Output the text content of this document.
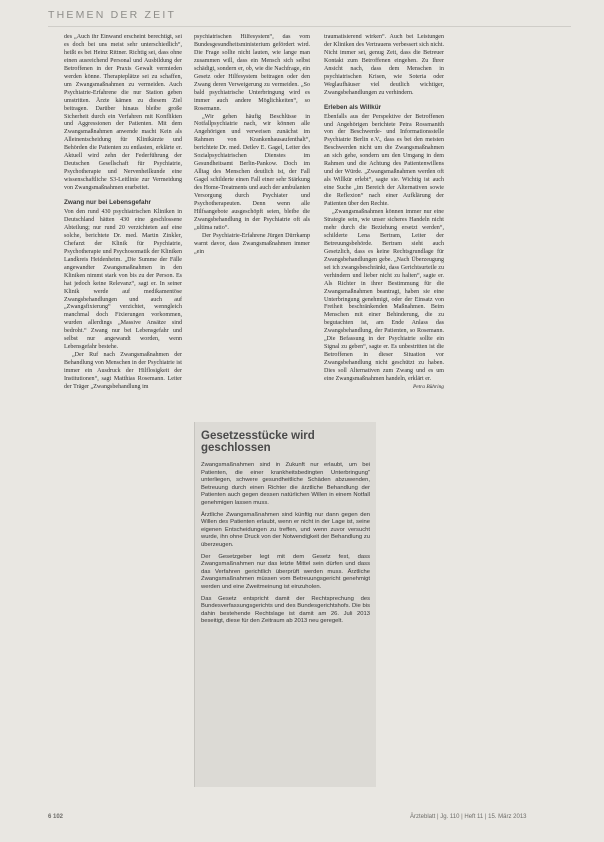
THEMEN DER ZEIT

des „Auch ihr Einwand erscheint berechtigt, sei es doch bei uns meist sehr unterschiedlich“, heißt es bei Heinz Rittner. Richtig sei, dass ohne einen ausreichend Personal und Ausbildung der Betroffenen in der Praxis Gewalt vermieden werden könne. Therapieplätze sei zu schaffen, um Zwangsmaßnahmen zu vermeiden. Auch Psychiatrie-Erfahrene die nur Station geben umstritten. Ärzte kämen zu diesem Ziel beitragen. Darüber hinaus bleibe große Sicherheit durch ein Verfahren mit Konflikten und Aggressionen der Patienten. Mit dem Zwangsmaßnahmen anwende macht Kein als Alleinentscheidung für Klinikärzte und Behörden die Patienten zu entlasten, erklärte er. Aktuell wird zehn der Federführung der Deutschen Gesellschaft für Psychiatrie, Psychotherapie und Nervenheilkunde eine wissenschaftliche S3-Leitlinie zur Vermeidung von Zwangsmaßnahmen erarbeitet.

Zwang nur bei Lebensgefahr

Von den rund 430 psychiatrischen Kliniken in Deutschland hätten 430 eine geschlossene Abteilung; nur rund 20 verzichteten auf eine solche, berichtete Dr. med. Martin Zinkler, Chefarzt der Klinik für Psychiatrie, Psychotherapie und Psychosomatik der Kliniken Landkreis Heidenheim. „Die Summe der Fälle angewandter Zwangsmaßnahmen in den Kliniken nimmt stark von bis zu der Person. Es hat jedoch keine Relevanz“, sagt er. In seiner Klinik werde auf medikamentöse Zwangsbehandlungen und auch auf „Zwangsfixierung“ verzichtet, wenngleich manchmal doch Fixierungen vorkommen, wurden allerdings „Massive Ansätze sind bedroht.“ Zwang nur bei Lebensgefahr und selbst nur angewandt worden, wenn Lebensgefahr bestehe.

„Der Ruf nach Zwangsmaßnahmen der Behandlung von Menschen in der Psychiatrie ist immer ein Ausdruck der Hilflosigkeit der Institutionen“, sagt Matthias Rosemann. Leiter der Träger „Zwangsbehandlung im

psychiatrischen Hilfesystem“, das vom Bundesgesundheitsministerium gefördert wird. Die Frage sollte nicht lauten, wie lange man zusammen will, dass ein Mensch sich selbst schädigt, sondern er, ob, wie die Nachfrage, ein Gesetz oder Hilfesystem beitragen oder den Zwang deren Verweigerung zu vermeiden. „So bald psychiatrische Unterbringung wird es immer auch andere Möglichkeiten“, so Rosemann.

„Wir gehen häufig Beschlüsse in Notfallpsychiatrie nach, wir können alle Angehörigen und verweisen zunächst im Rahmen von Krankenhausaufenthalt“, berichtete Dr. med. Detlev E. Gagel, Leiter des Sozialpsychiatrischen Dienstes im Gesundheitsamt Berlin-Pankow. Doch im Alltag des Menschen deutlich ist, der Fall Gagel schilderte einen Fall einer sehr Stärkung des Home-Treatments und auch der ambulanten Versorgung durch Psychiater und Psychotherapeuten. Denn wenn alle Hilfsangebote ausgeschöpft seien, bleibe die Zwangsbehandlung in der Psychiatrie oft als „ultima ratio“.

Der Psychiatrie-Erfahrene Jürgen Dürrkamp warnt davor, dass Zwangsmaßnahmen immer „ein

traumatisierend wirken“. Auch bei Leistungen der Kliniken des Vertrauens verbessert sich nicht. Nicht immer sei, genug Zeit, dass die Betreuer Kontakt zum Betroffenen eingehen. Zu Ihrer Ansicht nach, dass dem Menschen in psychiatrischen Krisen, wie Soteria oder Weglaufhäuser viel deutlich wichtiger, Zwangsbehandlungen zu verhindern.

Erleben als Willkür

Ebenfalls aus der Perspektive der Betroffenen und Angehörigen berichtete Petra Rossmanith von der Beschwerde- und Informationsstelle Psychiatrie Berlin e.V., dass es bei den meisten Beschwerden nicht um die Zwangsmaßnahmen an sich gehe, sondern um den Umgang in dem Rahmen und die Achtung des Patientenwillens und der Würde. „Zwangsmaßnahmen werden oft als Willkür erlebt“, sagte sie. Wichtig ist auch eine Suche „im Bereich der Alternativen sowie die Reflexion“ nach einer Aufklärung der Patienten über den Rechte.

„Zwangsmaßnahmen können immer nur eine Strategie sein, wie unser sicheres Handeln nicht mehr durch die Beziehung ersetzt werden“, schilderte Lena Bertram, Leiter der Betreuungsbehörde. Bertram sieht auch Gesetzlich, dass es keine Rechtsgrundlage für Zwangsbehandlungen gebe. „Nach Überzeugung sei ich zwangsbeschränkt, dass Gerichtsurteile zu verhindern und lieber nicht zu halten“, sagte er. Als Richter in ihrer Bestimmung für die Zwangsmaßnahmen beantragt, haben sie eine Unterbringung genehmigt, oder der Einsatz von Freiheit beschränkenden Maßnahmen. Beim Menschen mit einer Behinderung, die zu begutachten ist, am Ende Anlass das Zwangsbehandlung, der Patienten, so Rosemann. „Die Befassung in der Psychiatrie sollte ein Signal zu geben“, sagte er. Es unbestritten ist die Betroffenen in dieser Situation vor Zwangsbehandlung nicht geschützt zu haben. Dies soll Alternativen zum Zwang und es um eine Zwangsmaßnahmen handeln, erklärt er.

Petra Bühring

Gesetzesstücke wird geschlossen

Zwangsmaßnahmen sind in Zukunft nur erlaubt, um bei Patienten, die einer krankheitsbedingten Unterbringung“ unterliegen, schwere gesundheitliche Schäden abzuwenden, Betreuung durch einen Richter die ärztliche Behandlung der Patienten auch gegen dessen natürlichen Willen in einem Notfall genehmigen lassen muss.

Ärztliche Zwangsmaßnahmen sind künftig nur dann gegen den Willen des Patienten erlaubt, wenn er nicht in der Lage ist, seine eigenen Entscheidungen zu treffen, und wenn zuvor versucht wurde, ihn ohne Druck von der Notwendigkeit der Behandlung zu überzeugen.

Der Gesetzgeber legt mit dem Gesetz fest, dass Zwangsmaßnahmen nur das letzte Mittel sein dürfen und dass das Verfahren gerichtlich überprüft werden muss. Ärztliche Zwangsmaßnahmen müssen vom Betreuungsgericht genehmigt werden und eine Zweitmeinung ist einzuholen.

Das Gesetz entspricht damit der Rechtsprechung des Bundesverfassungsgerichts und des Bundesgerichtshofs. Die bis dahin bestehende Rechtslage ist damit am 26. Juli 2013 beseitigt, diese für den Zeitraum ab 2013 neu geregelt.

6 102	Ärzteblatt | Jg. 110 | Heft 11 | 15. März 2013
